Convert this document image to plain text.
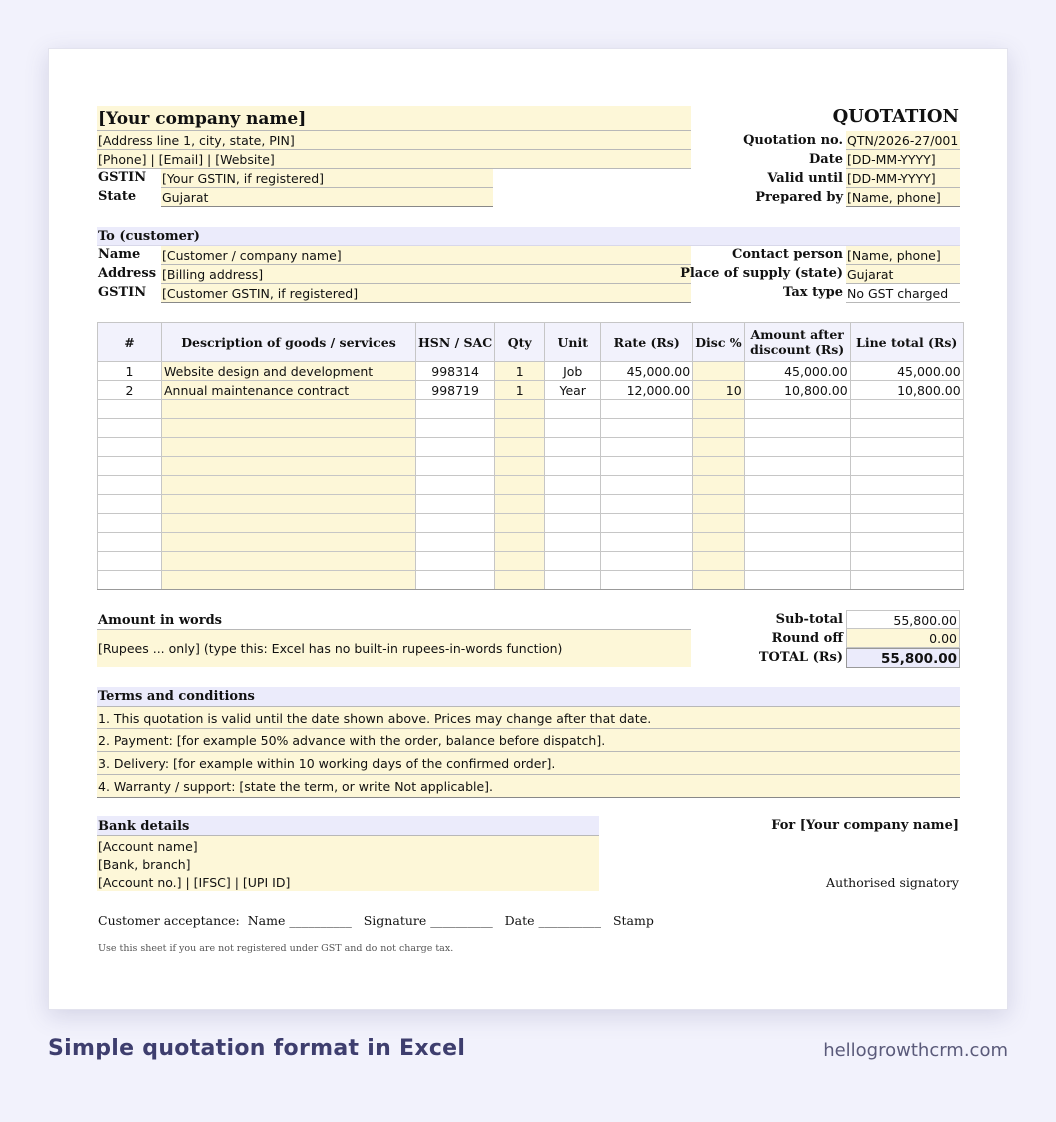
[Your company name]
[Address line 1, city, state, PIN]
[Phone] | [Email] | [Website]
GSTIN [Your GSTIN, if registered]
State Gujarat
QUOTATION
Quotation no. QTN/2026-27/001
Date [DD-MM-YYYY]
Valid until [DD-MM-YYYY]
Prepared by [Name, phone]
To (customer)
Name [Customer / company name]
Address [Billing address]
GSTIN [Customer GSTIN, if registered]
Contact person [Name, phone]
Place of supply (state) Gujarat
Tax type No GST charged
#	Description of goods / services	HSN / SAC	Qty	Unit	Rate (Rs)	Disc %	Amount after discount (Rs)	Line total (Rs)
1	Website design and development	998314	1	Job	45,000.00		45,000.00	45,000.00
2	Annual maintenance contract	998719	1	Year	12,000.00	10	10,800.00	10,800.00

Amount in words
[Rupees ... only] (type this: Excel has no built-in rupees-in-words function)
Sub-total	55,800.00
Round off	0.00
TOTAL (Rs)	55,800.00
Terms and conditions
1. This quotation is valid until the date shown above. Prices may change after that date.
2. Payment: [for example 50% advance with the order, balance before dispatch].
3. Delivery: [for example within 10 working days of the confirmed order].
4. Warranty / support: [state the term, or write Not applicable].
Bank details
[Account name]
[Bank, branch]
[Account no.] | [IFSC] | [UPI ID]
For [Your company name]
Authorised signatory
Customer acceptance:  Name __________   Signature __________   Date __________   Stamp
Use this sheet if you are not registered under GST and do not charge tax.
Simple quotation format in Excel	hellogrowthcrm.com
